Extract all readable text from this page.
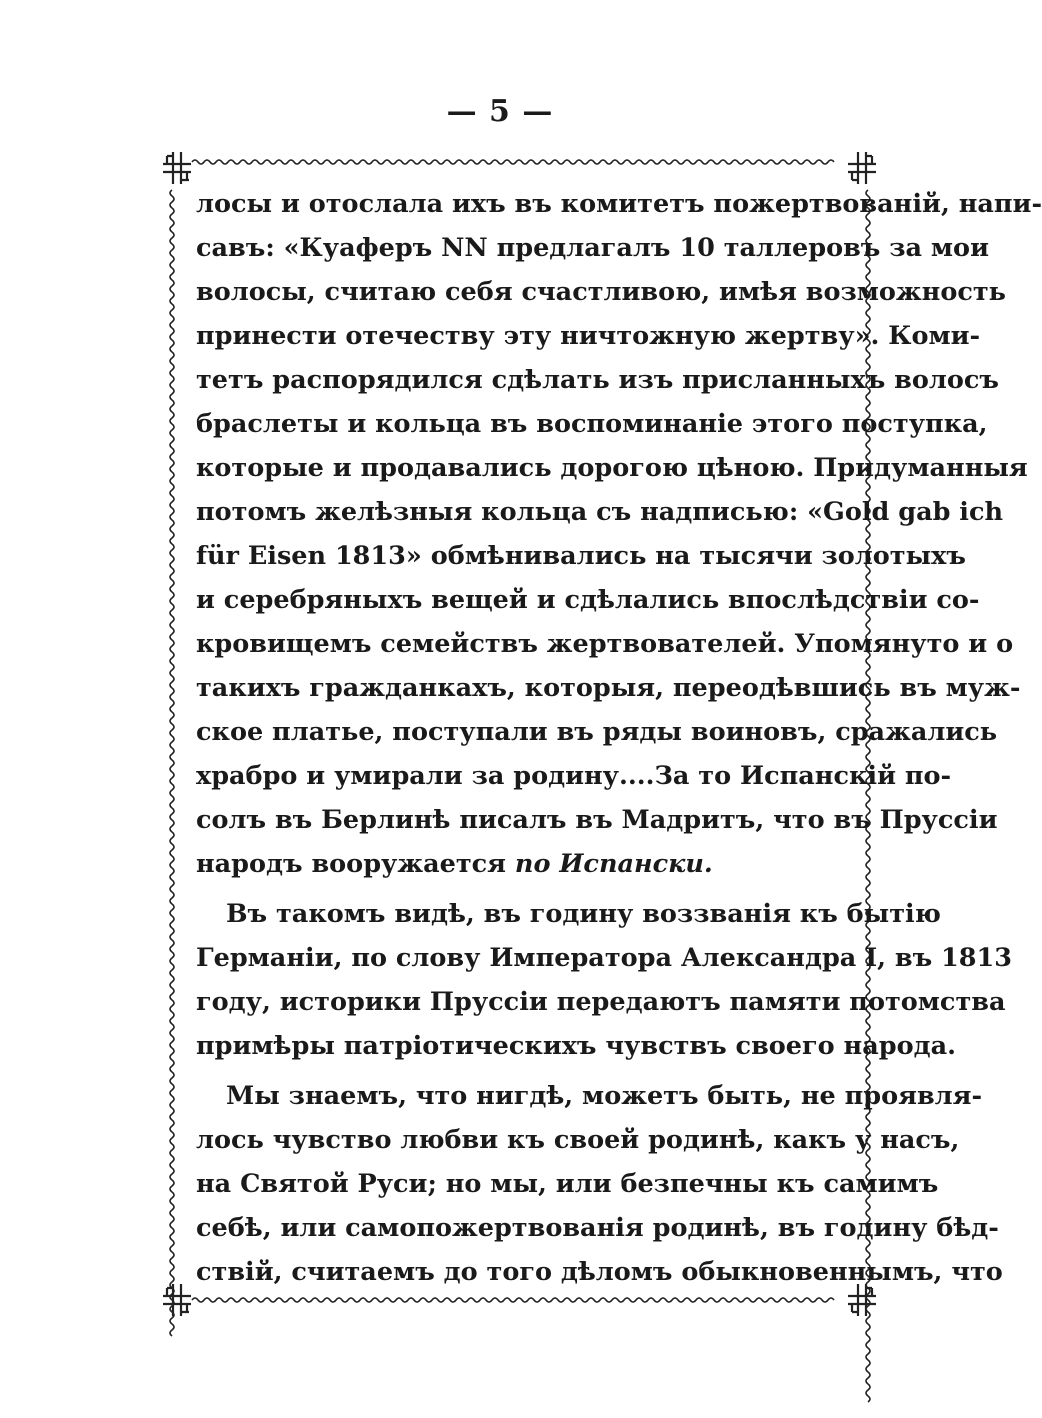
— 5 —
лосы и отослала ихъ въ комитетъ пожертвованій, напи-
савъ: «Куаферъ NN предлагалъ 10 таллеровъ за мои
волосы, считаю себя счастливою, имѣя возможность
принести отечеству эту ничтожную жертву». Коми-
тетъ распорядился сдѣлать изъ присланныхъ волосъ
браслеты и кольца въ воспоминаніе этого поступка,
которые и продавались дорогою цѣною. Придуманныя
потомъ желѣзныя кольца съ надписью: «Gold gab ich
für Eisen 1813» обмѣнивались на тысячи золотыхъ
и серебряныхъ вещей и сдѣлались впослѣдствіи со-
кровищемъ семействъ жертвователей. Упомянуто и о
такихъ гражданкахъ, которыя, переодѣвшись въ муж-
ское платье, поступали въ ряды воиновъ, сражались
храбро и умирали за родину....За то Испанскій по-
солъ въ Берлинѣ писалъ въ Мадритъ, что въ Пруссіи
народъ вооружается по Испански.
Въ такомъ видѣ, въ годину воззванія къ бытію
Германіи, по слову Императора Александра I, въ 1813
году, историки Пруссіи передаютъ памяти потомства
примѣры патріотическихъ чувствъ своего народа.
Мы знаемъ, что нигдѣ, можетъ быть, не проявля-
лось чувство любви къ своей родинѣ, какъ у насъ,
на Святой Руси; но мы, или безпечны къ самимъ
себѣ, или самопожертвованія родинѣ, въ годину бѣд-
ствій, считаемъ до того дѣломъ обыкновеннымъ, что
